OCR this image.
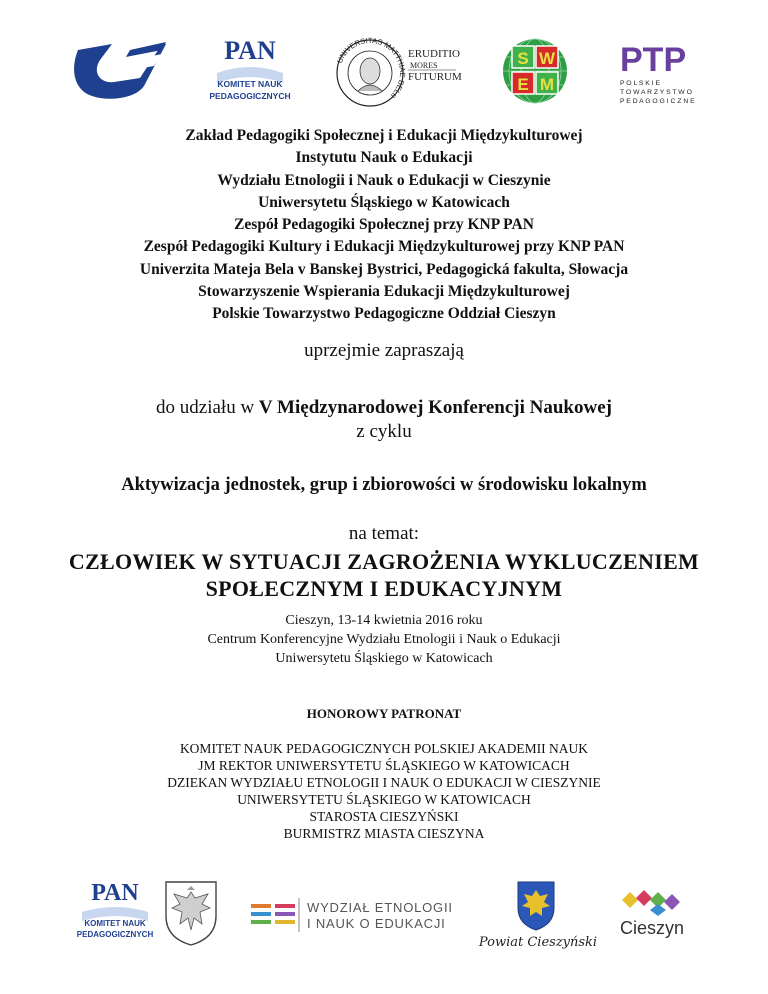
PAN
KOMITET NAUK
PEDAGOGICZNYCH
UNIVERSITAS MATTHIAE BELII
ERUDITIO
MORES
FUTURUM
S W
E M
PTP
P O L S K I E
T O W A R Z Y S T W O
P E D A G O G I C Z N E
Zakład Pedagogiki Społecznej i Edukacji Międzykulturowej
Instytutu Nauk o Edukacji
Wydziału Etnologii i Nauk o Edukacji w Cieszynie
Uniwersytetu Śląskiego w Katowicach
Zespół Pedagogiki Społecznej przy KNP PAN
Zespół Pedagogiki Kultury i Edukacji Międzykulturowej przy KNP PAN
Univerzita Mateja Bela v Banskej Bystrici, Pedagogická fakulta, Słowacja
Stowarzyszenie Wspierania Edukacji Międzykulturowej
Polskie Towarzystwo Pedagogiczne Oddział Cieszyn
uprzejmie zapraszają
do udziału w V Międzynarodowej Konferencji Naukowej
z cyklu
Aktywizacja jednostek, grup i zbiorowości w środowisku lokalnym
na temat:
CZŁOWIEK W SYTUACJI ZAGROŻENIA WYKLUCZENIEM
SPOŁECZNYM I EDUKACYJNYM
Cieszyn, 13-14 kwietnia 2016 roku
Centrum Konferencyjne Wydziału Etnologii i Nauk o Edukacji
Uniwersytetu Śląskiego w Katowicach
HONOROWY PATRONAT
KOMITET NAUK PEDAGOGICZNYCH POLSKIEJ AKADEMII NAUK
JM REKTOR UNIWERSYTETU ŚLĄSKIEGO W KATOWICACH
DZIEKAN WYDZIAŁU ETNOLOGII I NAUK O EDUKACJI W CIESZYNIE
UNIWERSYTETU ŚLĄSKIEGO W KATOWICACH
STAROSTA CIESZYŃSKI
BURMISTRZ MIASTA CIESZYNA
PAN
KOMITET NAUK
PEDAGOGICZNYCH
WYDZIAŁ ETNOLOGII
I NAUK O EDUKACJI
Powiat Cieszyński
Cieszyn
